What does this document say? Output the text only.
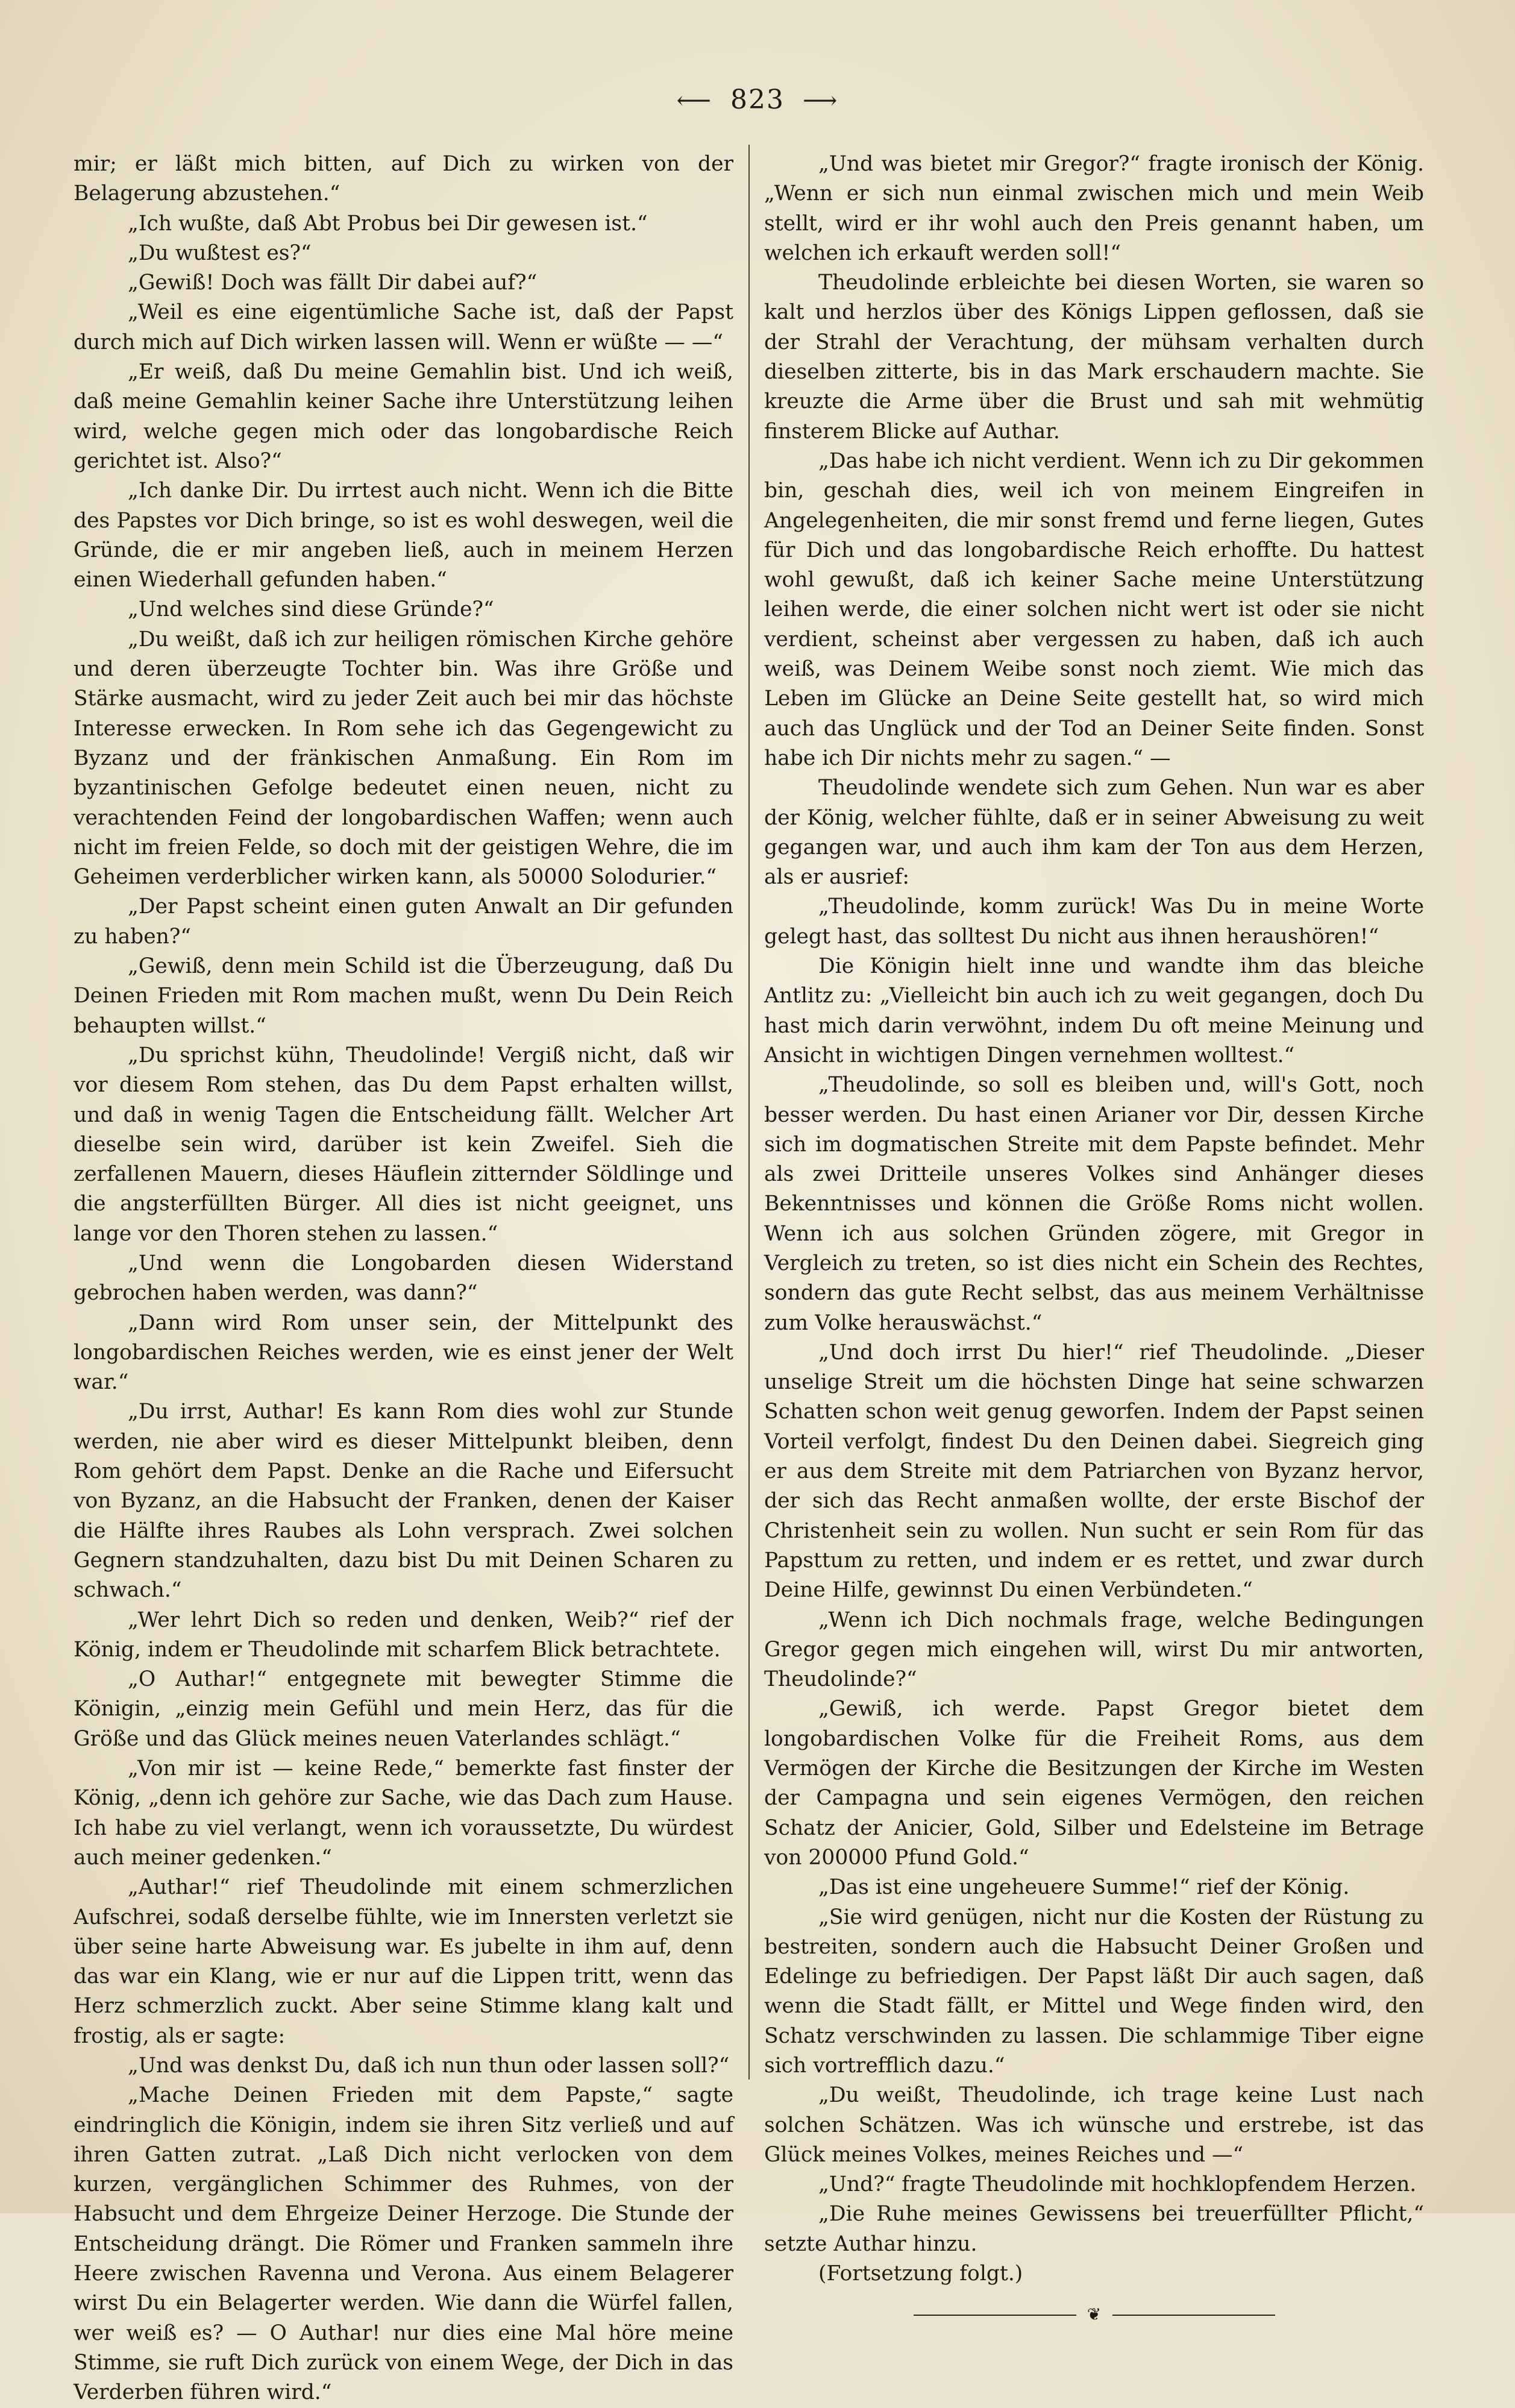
⟵ 823 ⟶

mir; er läßt mich bitten, auf Dich zu wirken von der Belagerung abzustehen.“

„Ich wußte, daß Abt Probus bei Dir gewesen ist.“

„Du wußtest es?“

„Gewiß! Doch was fällt Dir dabei auf?“

„Weil es eine eigentümliche Sache ist, daß der Papst durch mich auf Dich wirken lassen will. Wenn er wüßte — —“

„Er weiß, daß Du meine Gemahlin bist. Und ich weiß, daß meine Gemahlin keiner Sache ihre Unterstützung leihen wird, welche gegen mich oder das longobardische Reich gerichtet ist. Also?“

„Ich danke Dir. Du irrtest auch nicht. Wenn ich die Bitte des Papstes vor Dich bringe, so ist es wohl deswegen, weil die Gründe, die er mir angeben ließ, auch in meinem Herzen einen Wiederhall gefunden haben.“

„Und welches sind diese Gründe?“

„Du weißt, daß ich zur heiligen römischen Kirche gehöre und deren überzeugte Tochter bin. Was ihre Größe und Stärke ausmacht, wird zu jeder Zeit auch bei mir das höchste Interesse erwecken. In Rom sehe ich das Gegengewicht zu Byzanz und der fränkischen Anmaßung. Ein Rom im byzantinischen Gefolge bedeutet einen neuen, nicht zu verachtenden Feind der longobardischen Waffen; wenn auch nicht im freien Felde, so doch mit der geistigen Wehre, die im Geheimen verderblicher wirken kann, als 50000 Solodurier.“

„Der Papst scheint einen guten Anwalt an Dir gefunden zu haben?“

„Gewiß, denn mein Schild ist die Überzeugung, daß Du Deinen Frieden mit Rom machen mußt, wenn Du Dein Reich behaupten willst.“

„Du sprichst kühn, Theudolinde! Vergiß nicht, daß wir vor diesem Rom stehen, das Du dem Papst erhalten willst, und daß in wenig Tagen die Entscheidung fällt. Welcher Art dieselbe sein wird, darüber ist kein Zweifel. Sieh die zerfallenen Mauern, dieses Häuflein zitternder Söldlinge und die angsterfüllten Bürger. All dies ist nicht geeignet, uns lange vor den Thoren stehen zu lassen.“

„Und wenn die Longobarden diesen Widerstand gebrochen haben werden, was dann?“

„Dann wird Rom unser sein, der Mittelpunkt des longobardischen Reiches werden, wie es einst jener der Welt war.“

„Du irrst, Authar! Es kann Rom dies wohl zur Stunde werden, nie aber wird es dieser Mittelpunkt bleiben, denn Rom gehört dem Papst. Denke an die Rache und Eifersucht von Byzanz, an die Habsucht der Franken, denen der Kaiser die Hälfte ihres Raubes als Lohn versprach. Zwei solchen Gegnern standzuhalten, dazu bist Du mit Deinen Scharen zu schwach.“

„Wer lehrt Dich so reden und denken, Weib?“ rief der König, indem er Theudolinde mit scharfem Blick betrachtete.

„O Authar!“ entgegnete mit bewegter Stimme die Königin, „einzig mein Gefühl und mein Herz, das für die Größe und das Glück meines neuen Vaterlandes schlägt.“

„Von mir ist — keine Rede,“ bemerkte fast finster der König, „denn ich gehöre zur Sache, wie das Dach zum Hause. Ich habe zu viel verlangt, wenn ich voraussetzte, Du würdest auch meiner gedenken.“

„Authar!“ rief Theudolinde mit einem schmerzlichen Aufschrei, sodaß derselbe fühlte, wie im Innersten verletzt sie über seine harte Abweisung war. Es jubelte in ihm auf, denn das war ein Klang, wie er nur auf die Lippen tritt, wenn das Herz schmerzlich zuckt. Aber seine Stimme klang kalt und frostig, als er sagte:

„Und was denkst Du, daß ich nun thun oder lassen soll?“

„Mache Deinen Frieden mit dem Papste,“ sagte eindringlich die Königin, indem sie ihren Sitz verließ und auf ihren Gatten zutrat. „Laß Dich nicht verlocken von dem kurzen, vergänglichen Schimmer des Ruhmes, von der Habsucht und dem Ehrgeize Deiner Herzoge. Die Stunde der Entscheidung drängt. Die Römer und Franken sammeln ihre Heere zwischen Ravenna und Verona. Aus einem Belagerer wirst Du ein Belagerter werden. Wie dann die Würfel fallen, wer weiß es? — O Authar! nur dies eine Mal höre meine Stimme, sie ruft Dich zurück von einem Wege, der Dich in das Verderben führen wird.“

„Und was bietet mir Gregor?“ fragte ironisch der König. „Wenn er sich nun einmal zwischen mich und mein Weib stellt, wird er ihr wohl auch den Preis genannt haben, um welchen ich erkauft werden soll!“

Theudolinde erbleichte bei diesen Worten, sie waren so kalt und herzlos über des Königs Lippen geflossen, daß sie der Strahl der Verachtung, der mühsam verhalten durch dieselben zitterte, bis in das Mark erschaudern machte. Sie kreuzte die Arme über die Brust und sah mit wehmütig finsterem Blicke auf Authar.

„Das habe ich nicht verdient. Wenn ich zu Dir gekommen bin, geschah dies, weil ich von meinem Eingreifen in Angelegenheiten, die mir sonst fremd und ferne liegen, Gutes für Dich und das longobardische Reich erhoffte. Du hattest wohl gewußt, daß ich keiner Sache meine Unterstützung leihen werde, die einer solchen nicht wert ist oder sie nicht verdient, scheinst aber vergessen zu haben, daß ich auch weiß, was Deinem Weibe sonst noch ziemt. Wie mich das Leben im Glücke an Deine Seite gestellt hat, so wird mich auch das Unglück und der Tod an Deiner Seite finden. Sonst habe ich Dir nichts mehr zu sagen.“ —

Theudolinde wendete sich zum Gehen. Nun war es aber der König, welcher fühlte, daß er in seiner Abweisung zu weit gegangen war, und auch ihm kam der Ton aus dem Herzen, als er ausrief:

„Theudolinde, komm zurück! Was Du in meine Worte gelegt hast, das solltest Du nicht aus ihnen heraushören!“

Die Königin hielt inne und wandte ihm das bleiche Antlitz zu: „Vielleicht bin auch ich zu weit gegangen, doch Du hast mich darin verwöhnt, indem Du oft meine Meinung und Ansicht in wichtigen Dingen vernehmen wolltest.“

„Theudolinde, so soll es bleiben und, will's Gott, noch besser werden. Du hast einen Arianer vor Dir, dessen Kirche sich im dogmatischen Streite mit dem Papste befindet. Mehr als zwei Dritteile unseres Volkes sind Anhänger dieses Bekenntnisses und können die Größe Roms nicht wollen. Wenn ich aus solchen Gründen zögere, mit Gregor in Vergleich zu treten, so ist dies nicht ein Schein des Rechtes, sondern das gute Recht selbst, das aus meinem Verhältnisse zum Volke herauswächst.“

„Und doch irrst Du hier!“ rief Theudolinde. „Dieser unselige Streit um die höchsten Dinge hat seine schwarzen Schatten schon weit genug geworfen. Indem der Papst seinen Vorteil verfolgt, findest Du den Deinen dabei. Siegreich ging er aus dem Streite mit dem Patriarchen von Byzanz hervor, der sich das Recht anmaßen wollte, der erste Bischof der Christenheit sein zu wollen. Nun sucht er sein Rom für das Papsttum zu retten, und indem er es rettet, und zwar durch Deine Hilfe, gewinnst Du einen Verbündeten.“

„Wenn ich Dich nochmals frage, welche Bedingungen Gregor gegen mich eingehen will, wirst Du mir antworten, Theudolinde?“

„Gewiß, ich werde. Papst Gregor bietet dem longobardischen Volke für die Freiheit Roms, aus dem Vermögen der Kirche die Besitzungen der Kirche im Westen der Campagna und sein eigenes Vermögen, den reichen Schatz der Anicier, Gold, Silber und Edelsteine im Betrage von 200000 Pfund Gold.“

„Das ist eine ungeheuere Summe!“ rief der König.

„Sie wird genügen, nicht nur die Kosten der Rüstung zu bestreiten, sondern auch die Habsucht Deiner Großen und Edelinge zu befriedigen. Der Papst läßt Dir auch sagen, daß wenn die Stadt fällt, er Mittel und Wege finden wird, den Schatz verschwinden zu lassen. Die schlammige Tiber eigne sich vortrefflich dazu.“

„Du weißt, Theudolinde, ich trage keine Lust nach solchen Schätzen. Was ich wünsche und erstrebe, ist das Glück meines Volkes, meines Reiches und —“

„Und?“ fragte Theudolinde mit hochklopfendem Herzen.

„Die Ruhe meines Gewissens bei treuerfüllter Pflicht,“ setzte Authar hinzu.

(Fortsetzung folgt.)

❦
